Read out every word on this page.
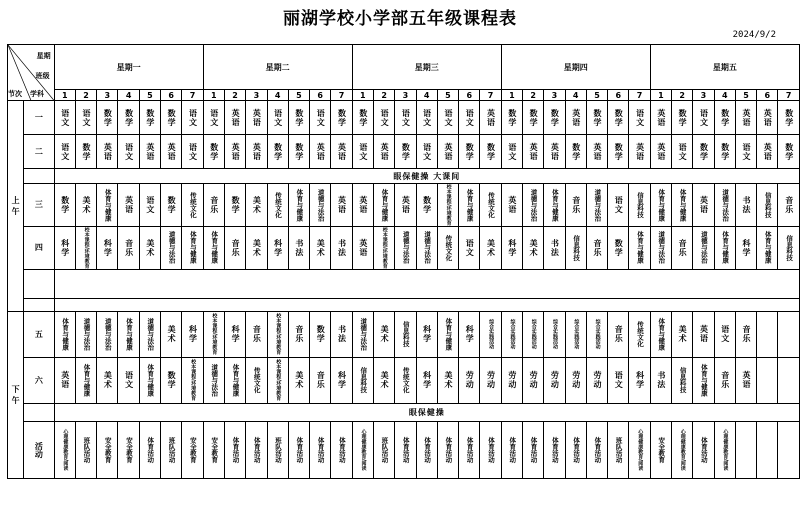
丽湖学校小学部五年级课程表
2024/9/2
星期
班级
节次 学科		星期一							星期二							星期三							星期四							星期五						
		1	2	3	4	5	6	7	1	2	3	4	5	6	7	1	2	3	4	5	6	7	1	2	3	4	5	6	7	1	2	3	4	5	6	7
上午	一	语文	语文	数学	数学	数学	数学	语文	语文	英语	英语	语文	数学	语文	数学	数学	语文	语文	语文	语文	语文	英语	数学	数学	数学	英语	数学	数学	语文	英语	数学	语文	数学	英语	英语	数学
	二	语文	数学	英语	语文	英语	英语	语文	数学	英语	英语	数学	数学	英语	英语	语文	英语	数学	语文	英语	数学	数学	语文	英语	英语	数学	英语	数学	英语	英语	语文	数学	数学	语文	英语	数学
		眼保健操 大课间																																		
	三	数学	美术	体育与健康	英语	语文	数学	传统文化	音乐	数学	美术	传统文化	体育与健康	道德与法治	英语	英语	体育与健康	英语	数学	校本课程/环境教育	体育与健康	传统文化	英语	道德与法治	体育与健康	音乐	道德与法治	语文	信息科技	体育与健康	体育与健康	英语	道德与法治	书法	信息科技	音乐
	四	科学	校本课程/环境教育	科学	音乐	美术	道德与法治	体育与健康	体育与健康	音乐	美术	科学	书法	美术	书法	英语	校本课程/环境教育	道德与法治	道德与法治	传统文化	语文	美术	科学	美术	书法	信息科技	音乐	数学	体育与健康	道德与法治	音乐	道德与法治	体育与健康	科学	体育与健康	信息科技

下午	五	体育与健康	道德与法治	道德与法治	体育与健康	道德与法治	美术	科学	校本课程/环境教育	科学	音乐	校本课程/环境教育	音乐	数学	书法	道德与法治	美术	信息科技	科学	体育与健康	科学	综合实践活动	综合实践活动	综合实践活动	综合实践活动	综合实践活动	综合实践活动	音乐	传统文化	体育与健康	美术	英语	语文	音乐		
	六	英语	体育与健康	美术	语文	体育与健康	数学	校本课程/环境教育	道德与法治	体育与健康	传统文化	校本课程/环境教育	美术	音乐	科学	信息科技	美术	传统文化	科学	美术	劳动	劳动	劳动	劳动	劳动	劳动	劳动	语文	科学	书法	信息科技	体育与健康	音乐	英语		
		眼保健操																																		
	活动	心理健康教育/阅读	班队活动	安全教育	安全教育	体育活动	班队活动	安全教育	安全教育	体育活动	体育活动	班队活动	体育活动	体育活动	体育活动	心理健康教育/阅读	班队活动	体育活动	体育活动	体育活动	体育活动	体育活动	体育活动	体育活动	体育活动	体育活动	体育活动	班队活动	心理健康教育/阅读	安全教育	心理健康教育/阅读	体育活动	心理健康教育/阅读			
